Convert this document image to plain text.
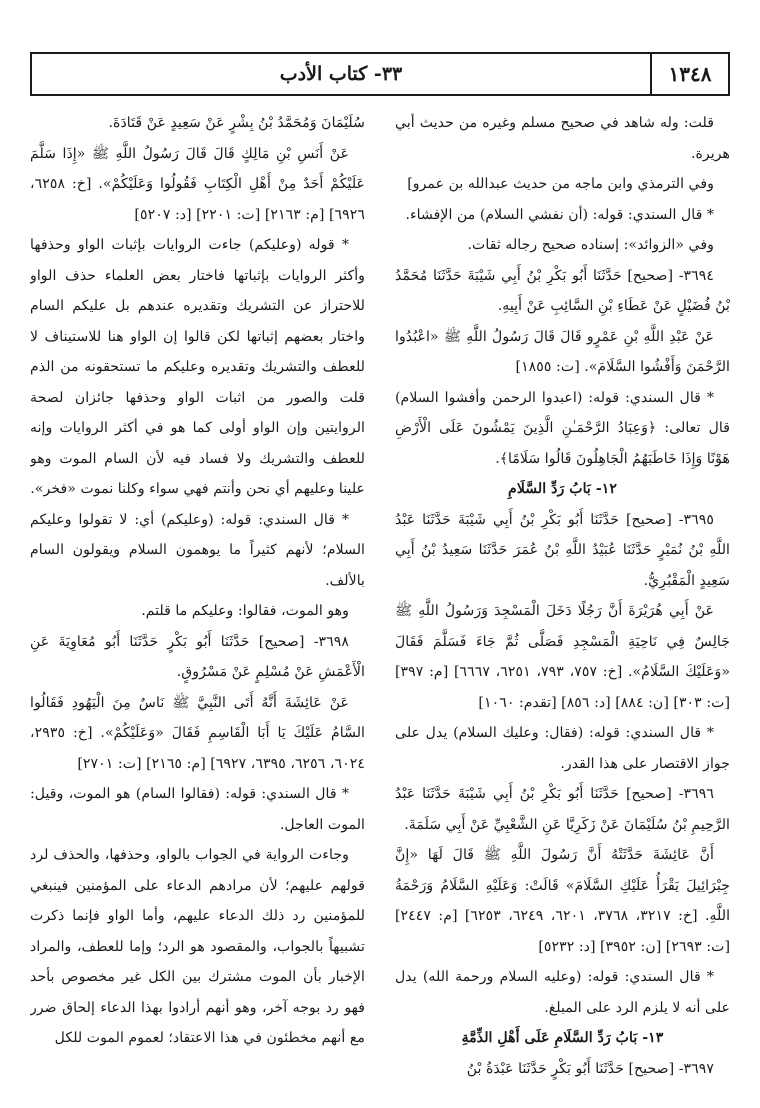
١٣٤٨
٣٣- كتاب الأدب

قلت: وله شاهد في صحيح مسلم وغيره من حديث أبي هريرة.

وفي الترمذي وابن ماجه من حديث عبدالله بن عمرو]

* قال السندي: قوله: (أن نفشي السلام) من الإفشاء.

وفي «الزوائد»: إسناده صحيح رجاله ثقات.

٣٦٩٤- [صحيح] حَدَّثَنَا أَبُو بَكْرِ بْنُ أَبِي شَيْبَةَ حَدَّثَنَا مُحَمَّدُ بْنُ فُضَيْلٍ عَنْ عَطَاءِ بْنِ السَّائِبِ عَنْ أَبِيهِ.

عَنْ عَبْدِ اللَّهِ بْنِ عَمْرٍو قَالَ قَالَ رَسُولُ اللَّهِ ﷺ «اعْبُدُوا الرَّحْمَنَ وَأَفْشُوا السَّلَامَ». [ت: ١٨٥٥]

* قال السندي: قوله: (اعبدوا الرحمن وأفشوا السلام) قال تعالى: ﴿وَعِبَادُ الرَّحْمَـٰنِ الَّذِينَ يَمْشُونَ عَلَى الْأَرْضِ هَوْنًا وَإِذَا خَاطَبَهُمُ الْجَاهِلُونَ قَالُوا سَلَامًا﴾.

١٢- بَابُ رَدِّ السَّلَامِ

٣٦٩٥- [صحيح] حَدَّثَنَا أَبُو بَكْرِ بْنُ أَبِي شَيْبَةَ حَدَّثَنَا عَبْدُ اللَّهِ بْنُ نُمَيْرٍ حَدَّثَنَا عُبَيْدُ اللَّهِ بْنُ عُمَرَ حَدَّثَنَا سَعِيدُ بْنُ أَبِي سَعِيدٍ الْمَقْبُرِيُّ.

عَنْ أَبِي هُرَيْرَةَ أَنَّ رَجُلًا دَخَلَ الْمَسْجِدَ وَرَسُولُ اللَّهِ ﷺ جَالِسٌ فِي نَاحِيَةِ الْمَسْجِدِ فَصَلَّى ثُمَّ جَاءَ فَسَلَّمَ فَقَالَ «وَعَلَيْكَ السَّلَامُ». [خ: ٧٥٧، ٧٩٣، ٦٢٥١، ٦٦٦٧] [م: ٣٩٧] [ت: ٣٠٣] [ن: ٨٨٤] [د: ٨٥٦] [تقدم: ١٠٦٠]

* قال السندي: قوله: (فقال: وعليك السلام) يدل على جواز الاقتصار على هذا القدر.

٣٦٩٦- [صحيح] حَدَّثَنَا أَبُو بَكْرِ بْنُ أَبِي شَيْبَةَ حَدَّثَنَا عَبْدُ الرَّحِيمِ بْنُ سُلَيْمَانَ عَنْ زَكَرِيَّا عَنِ الشَّعْبِيِّ عَنْ أَبِي سَلَمَةَ.

أَنَّ عَائِشَةَ حَدَّثَتْهُ أَنَّ رَسُولَ اللَّهِ ﷺ قَالَ لَهَا «إِنَّ جِبْرَائِيلَ يَقْرَأُ عَلَيْكِ السَّلَامَ» قَالَتْ: وَعَلَيْهِ السَّلَامُ وَرَحْمَةُ اللَّهِ. [خ: ٣٢١٧، ٣٧٦٨، ٦٢٠١، ٦٢٤٩، ٦٢٥٣] [م: ٢٤٤٧] [ت: ٢٦٩٣] [ن: ٣٩٥٢] [د: ٥٢٣٢]

* قال السندي: قوله: (وعليه السلام ورحمة الله) يدل على أنه لا يلزم الرد على المبلغ.

١٣- بَابُ رَدِّ السَّلَامِ عَلَى أَهْلِ الذِّمَّةِ

٣٦٩٧- [صحيح] حَدَّثَنَا أَبُو بَكْرٍ حَدَّثَنَا عَبْدَةُ بْنُ

سُلَيْمَانَ وَمُحَمَّدُ بْنُ بِشْرٍ عَنْ سَعِيدٍ عَنْ قَتَادَةَ.

عَنْ أَنَسِ بْنِ مَالِكٍ قَالَ قَالَ رَسُولُ اللَّهِ ﷺ «إِذَا سَلَّمَ عَلَيْكُمْ أَحَدٌ مِنْ أَهْلِ الْكِتَابِ فَقُولُوا وَعَلَيْكُمْ». [خ: ٦٢٥٨، ٦٩٢٦] [م: ٢١٦٣] [ت: ٢٢٠١] [د: ٥٢٠٧]

* قوله (وعليكم) جاءت الروايات بإثبات الواو وحذفها وأكثر الروايات بإثباتها فاختار بعض العلماء حذف الواو للاحتراز عن التشريك وتقديره عندهم بل عليكم السام واختار بعضهم إثباتها لكن قالوا إن الواو هنا للاستيناف لا للعطف والتشريك وتقديره وعليكم ما تستحقونه من الذم قلت والصور من اثبات الواو وحذفها جائزان لصحة الروايتين وإن الواو أولى كما هو في أكثر الروايات وإنه للعطف والتشريك ولا فساد فيه لأن السام الموت وهو علينا وعليهم أي نحن وأنتم فهي سواء وكلنا نموت «فخر».

* قال السندي: قوله: (وعليكم) أي: لا تقولوا وعليكم السلام؛ لأنهم كثيراً ما يوهمون السلام ويقولون السام بالألف.

وهو الموت، فقالوا: وعليكم ما قلتم.

٣٦٩٨- [صحيح] حَدَّثَنَا أَبُو بَكْرٍ حَدَّثَنَا أَبُو مُعَاوِيَةَ عَنِ الْأَعْمَشِ عَنْ مُسْلِمٍ عَنْ مَسْرُوقٍ.

عَنْ عَائِشَةَ أَنَّهُ أَتَى النَّبِيَّ ﷺ نَاسٌ مِنَ الْيَهُودِ فَقَالُوا السَّامُ عَلَيْكَ يَا أَبَا الْقَاسِمِ فَقَالَ «وَعَلَيْكُمْ». [خ: ٢٩٣٥، ٦٠٢٤، ٦٢٥٦، ٦٣٩٥، ٦٩٢٧] [م: ٢١٦٥] [ت: ٢٧٠١]

* قال السندي: قوله: (فقالوا السام) هو الموت، وقيل: الموت العاجل.

وجاءت الرواية في الجواب بالواو، وحذفها، والحذف لرد قولهم عليهم؛ لأن مرادهم الدعاء على المؤمنين فينبغي للمؤمنين رد ذلك الدعاء عليهم، وأما الواو فإنما ذكرت تشبيهاً بالجواب، والمقصود هو الرد؛ وإما للعطف، والمراد الإخبار بأن الموت مشترك بين الكل غير مخصوص بأحد فهو رد بوجه آخر، وهو أنهم أرادوا بهذا الدعاء إلحاق ضرر مع أنهم مخطئون في هذا الاعتقاد؛ لعموم الموت للكل
